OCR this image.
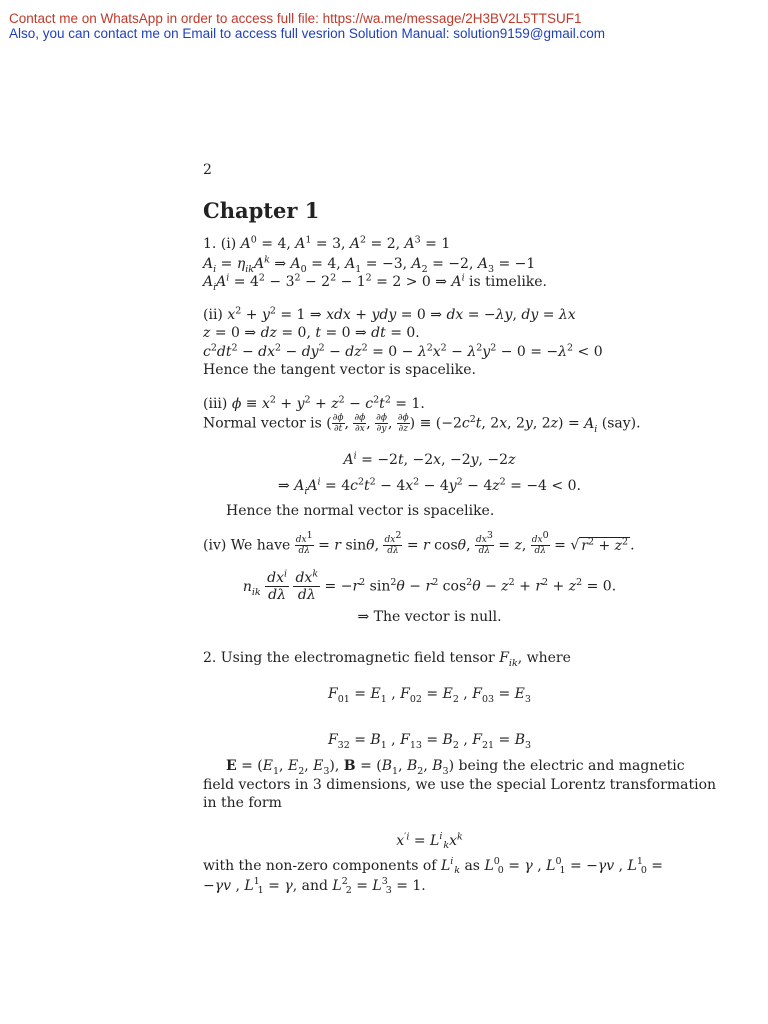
Contact me on WhatsApp in order to access full file: https://wa.me/message/2H3BV2L5TTSUF1
Also, you can contact me on Email to access full vesrion Solution Manual: solution9159@gmail.com
2
Chapter 1
1. (i) $A^0 = 4$, $A^1 = 3$, $A^2 = 2$, $A^3 = 1$
$A_i = \eta_{ik}A^k$ ⇒ $A_0 = 4$, $A_1 = -3$, $A_2 = -2$, $A_3 = -1$
$A_iA^i = 4^2 - 3^2 - 2^2 - 1^2 = 2 > 0$ ⇒ $A^i$ is timelike.
(ii) $x^2 + y^2 = 1$ ⇒ xdx + ydy = 0 ⇒ dx = −λy, dy = λx
z = 0 ⇒ dz = 0, t = 0 ⇒ dt = 0.
$c^2dt^2 - dx^2 - dy^2 - dz^2 = 0 - \lambda^2x^2 - \lambda^2y^2 - 0 = -\lambda^2 < 0$
Hence the tangent vector is spacelike.
(iii) $\phi \equiv x^2 + y^2 + z^2 - c^2t^2 = 1$.
Normal vector is ( $\frac{\partial\phi}{\partial t}$ , $\frac{\partial\phi}{\partial x}$ , $\frac{\partial\phi}{\partial y}$ , $\frac{\partial\phi}{\partial z}$ ) ≡ ($-2c^2t$, 2x, 2y, $2z) = A_i$ (say).
$A^i = -2t$, −2x, −2y, −2z
⇒ $A_iA^i = 4c^2t^2 - 4x^2 - 4y^2 - 4z^2 = -4 < 0$.
Hence the normal vector is spacelike.
(iv) We have $\frac{dx^1}{d\lambda} = r$ sinθ, $\frac{dx^2}{d\lambda} = r$ cosθ, $\frac{dx^3}{d\lambda} = z$, $\frac{dx^0}{d\lambda}$ = √ $r^2 + z^2$ .
$n_{ik}$
$dx^i$
dλ

$dx^k$
dλ
= $-r^2$ $\sin^2\theta - r^2$ $\cos^2\theta - z^2 + r^2 + z^2 = 0$.
⇒ The vector is null.
2. Using the electromagnetic field tensor $F_{ik}$, where
$F_{01} = E_1$ , $F_{02} = E_2$ , $F_{03} = E_3$
$F_{32} = B_1$ , $F_{13} = B_2$ , $F_{21} = B_3$
$E = (E_1$, $E_2$, $E_3$), $B = (B_1$, $B_2$, $B_3$) being the electric and magnetic
field vectors in 3 dimensions, we use the special Lorentz transformation
in the form
$x^{'i} = L$ i
k $x^k$
with the non-zero components of L i
k as L 0
0 = γ , L 0
1 = −γv , L 1
0 =
−γv , L 1
1 = γ, and L 2
2 = L 3
3 = 1.
